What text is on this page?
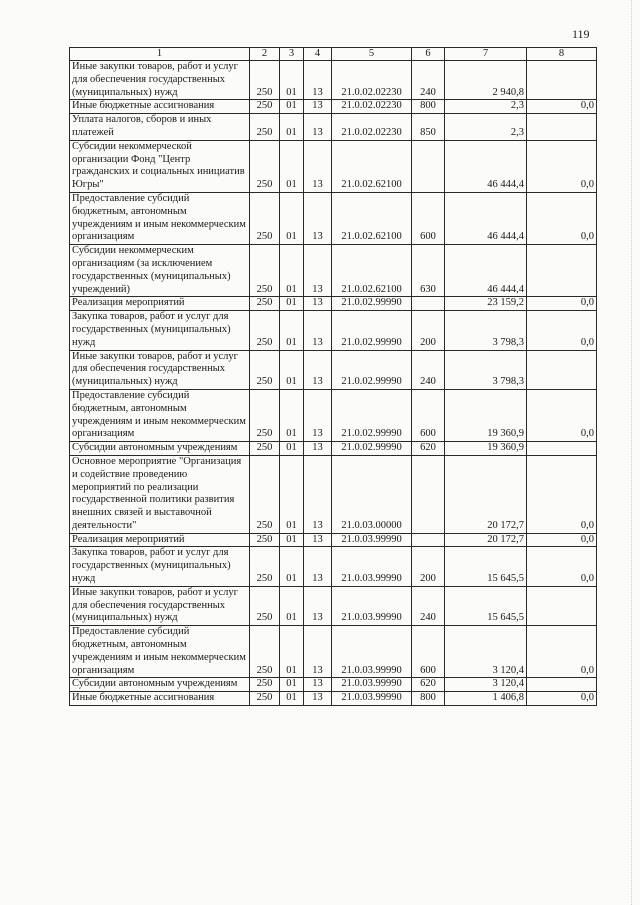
119
1	2	3	4	5	6	7	8
Иные закупки товаров, работ и услуг для обеспечения государственных (муниципальных) нужд	250	01	13	21.0.02.02230	240	2 940,8	
Иные бюджетные ассигнования	250	01	13	21.0.02.02230	800	2,3	0,0
Уплата налогов, сборов и иных платежей	250	01	13	21.0.02.02230	850	2,3	
Субсидии некоммерческой организации Фонд "Центр гражданских и социальных инициатив Югры"	250	01	13	21.0.02.62100		46 444,4	0,0
Предоставление субсидий бюджетным, автономным учреждениям и иным некоммерческим организациям	250	01	13	21.0.02.62100	600	46 444,4	0,0
Субсидии некоммерческим организациям (за исключением государственных (муниципальных) учреждений)	250	01	13	21.0.02.62100	630	46 444,4	
Реализация мероприятий	250	01	13	21.0.02.99990		23 159,2	0,0
Закупка товаров, работ и услуг для государственных (муниципальных) нужд	250	01	13	21.0.02.99990	200	3 798,3	0,0
Иные закупки товаров, работ и услуг для обеспечения государственных (муниципальных) нужд	250	01	13	21.0.02.99990	240	3 798,3	
Предоставление субсидий бюджетным, автономным учреждениям и иным некоммерческим организациям	250	01	13	21.0.02.99990	600	19 360,9	0,0
Субсидии автономным учреждениям	250	01	13	21.0.02.99990	620	19 360,9	
Основное мероприятие "Организация и содействие проведению мероприятий по реализации государственной политики развития внешних связей и выставочной деятельности"	250	01	13	21.0.03.00000		20 172,7	0,0
Реализация мероприятий	250	01	13	21.0.03.99990		20 172,7	0,0
Закупка товаров, работ и услуг для государственных (муниципальных) нужд	250	01	13	21.0.03.99990	200	15 645,5	0,0
Иные закупки товаров, работ и услуг для обеспечения государственных (муниципальных) нужд	250	01	13	21.0.03.99990	240	15 645,5	
Предоставление субсидий бюджетным, автономным учреждениям и иным некоммерческим организациям	250	01	13	21.0.03.99990	600	3 120,4	0,0
Субсидии автономным учреждениям	250	01	13	21.0.03.99990	620	3 120,4	
Иные бюджетные ассигнования	250	01	13	21.0.03.99990	800	1 406,8	0,0
